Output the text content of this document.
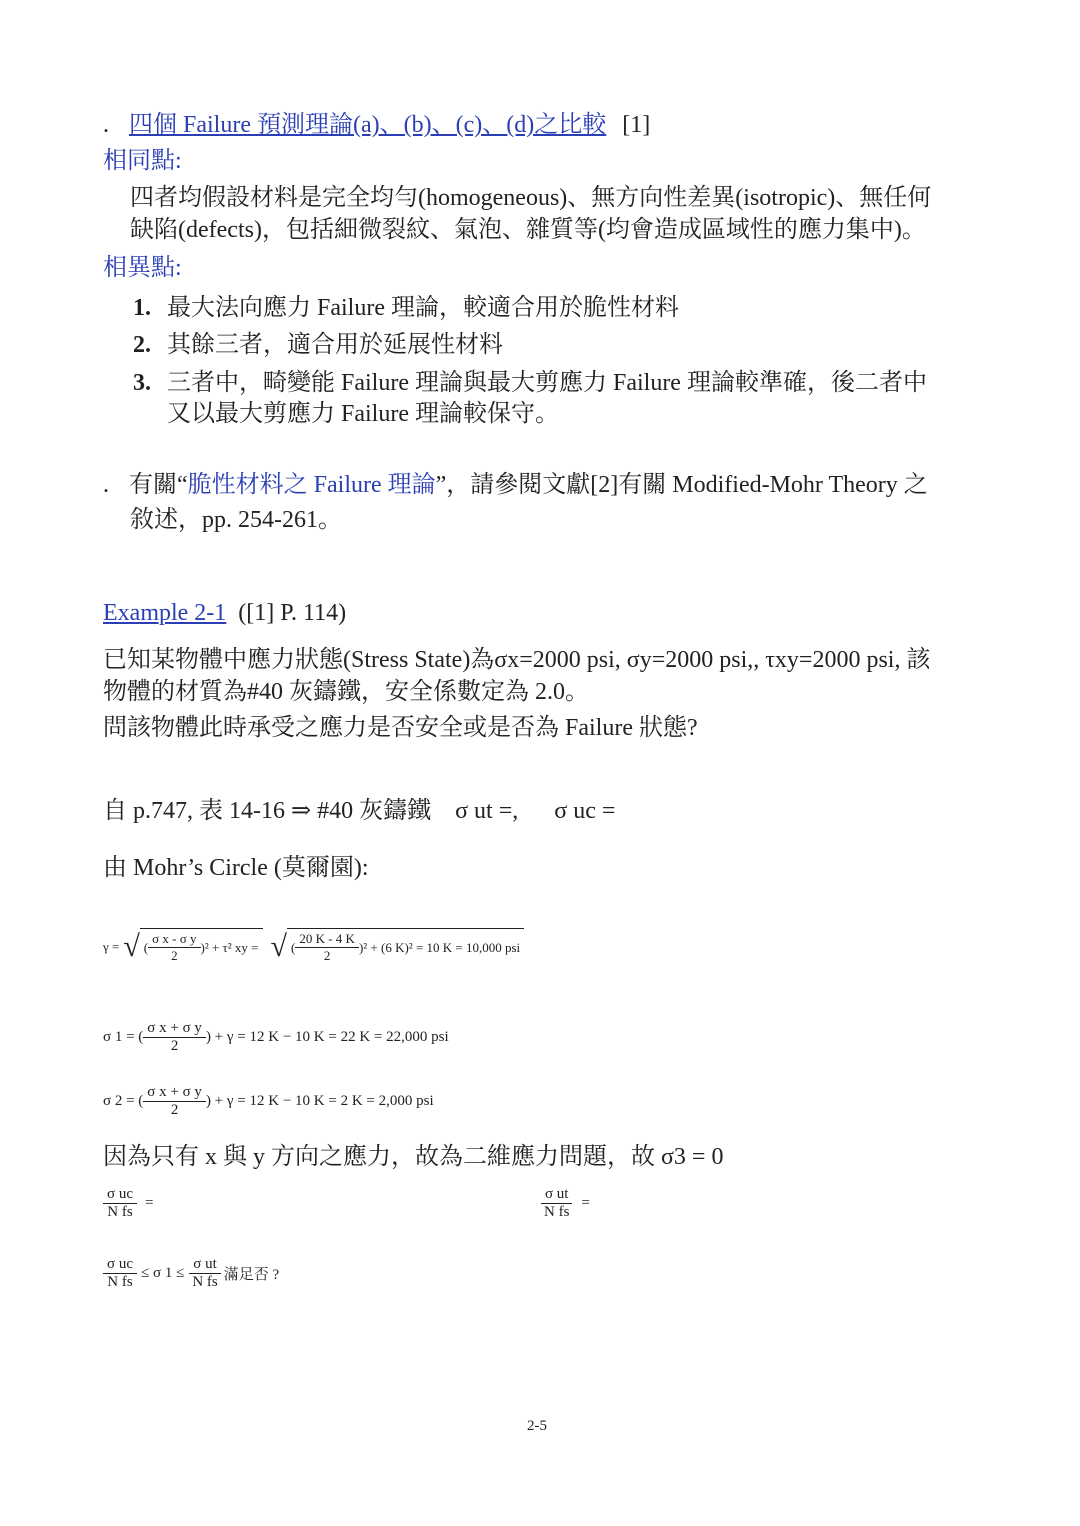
. 四個 Failure 預測理論(a)、(b)、(c)、(d)之比較 [1]
相同點:
四者均假設材料是完全均勻(homogeneous)、無方向性差異(isotropic)、無任何
缺陷(defects)，包括細微裂紋、氣泡、雜質等(均會造成區域性的應力集中)。
相異點:
1. 最大法向應力 Failure 理論，較適合用於脆性材料
2. 其餘三者，適合用於延展性材料
3. 三者中，畸變能 Failure 理論與最大剪應力 Failure 理論較準確，後二者中
又以最大剪應力 Failure 理論較保守。
. 有關“脆性材料之 Failure 理論”，請參閱文獻[2]有關 Modified-Mohr Theory 之
敘述，pp. 254-261。
Example 2-1 ([1] P. 114)
已知某物體中應力狀態(Stress State)為σx=2000 psi, σy=2000 psi,, τxy=2000 psi, 該
物體的材質為#40 灰鑄鐵，安全係數定為 2.0。
問該物體此時承受之應力是否安全或是否為 Failure 狀態?
自 p.747, 表 14-16 ⇒ #40 灰鑄鐵 σ ut =, σ uc =
由 Mohr’s Circle (莫爾園):
γ = √ ( $\frac{\text{σ x - σ y}}{2} )^2 + \tau^2$ xy = √ ( $\frac{20 K - 4 K}{2} )^2 + (6$ K)² = 10 K = 10,000 psi
σ 1 = ( $\frac{\text{σ x + σ y}}{2}$ ) + γ = 12 K − 10 K = 22 K = 22,000 psi
σ 2 = ( $\frac{\text{σ x + σ y}}{2}$ ) + γ = 12 K − 10 K = 2 K = 2,000 psi
因為只有 x 與 y 方向之應力，故為二維應力問題，故 σ3 = 0
$\frac{\text{σ uc}}{\text{N fs}}$ =	$\frac{\text{σ ut}}{\text{N fs}}$ =
$\frac{\text{σ uc}}{\text{N fs}} \le \sigma$ $1 \le \frac{\text{σ ut}}{\text{N fs}}$ 滿足否 ?
2-5
